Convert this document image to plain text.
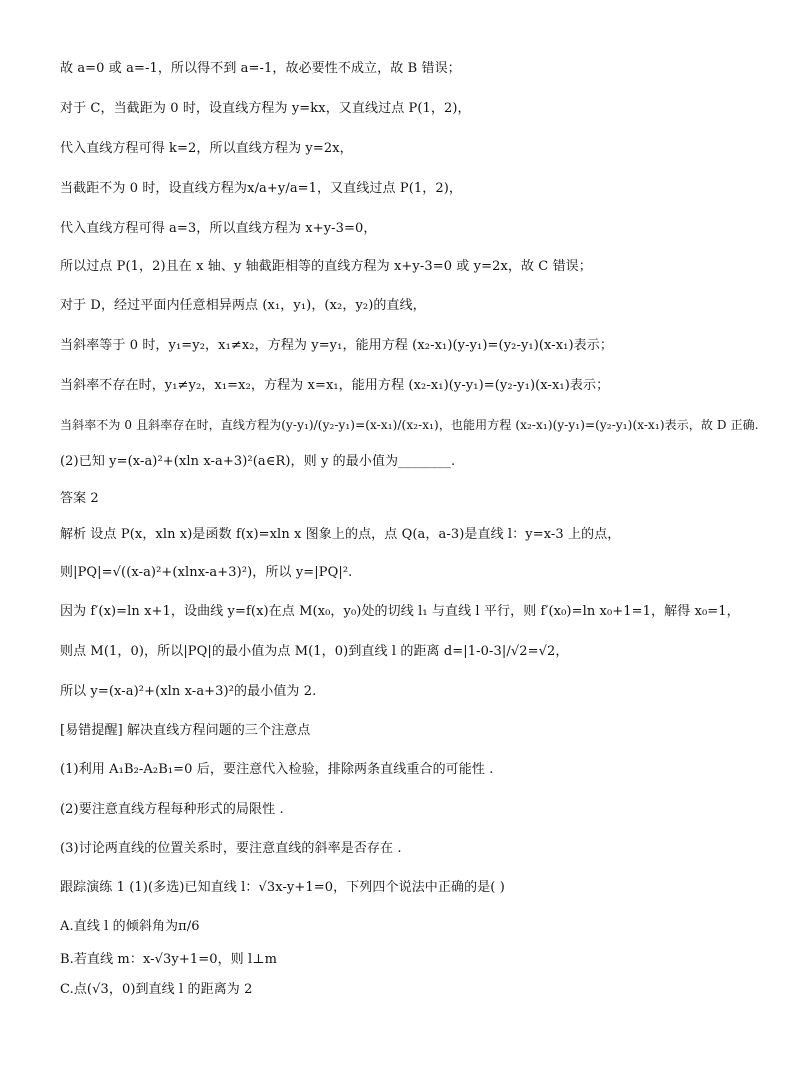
故 a=0 或 a=-1，所以得不到 a=-1，故必要性不成立，故 B 错误；
对于 C，当截距为 0 时，设直线方程为 y=kx，又直线过点 P(1，2)，
代入直线方程可得 k=2，所以直线方程为 y=2x，
当截距不为 0 时，设直线方程为x/a+y/a=1，又直线过点 P(1，2)，
代入直线方程可得 a=3，所以直线方程为 x+y-3=0，
所以过点 P(1，2)且在 x 轴、y 轴截距相等的直线方程为 x+y-3=0 或 y=2x，故 C 错误；
对于 D，经过平面内任意相异两点 (x₁，y₁)，(x₂，y₂)的直线，
当斜率等于 0 时，y₁=y₂，x₁≠x₂，方程为 y=y₁，能用方程 (x₂-x₁)(y-y₁)=(y₂-y₁)(x-x₁)表示；
当斜率不存在时，y₁≠y₂，x₁=x₂，方程为 x=x₁，能用方程 (x₂-x₁)(y-y₁)=(y₂-y₁)(x-x₁)表示；
当斜率不为 0 且斜率存在时，直线方程为(y-y₁)/(y₂-y₁)=(x-x₁)/(x₂-x₁)，也能用方程 (x₂-x₁)(y-y₁)=(y₂-y₁)(x-x₁)表示，故 D 正确.
(2)已知 y=(x-a)²+(xln x-a+3)²(a∈R)，则 y 的最小值为________.
答案 2
解析 设点 P(x，xln x)是函数 f(x)=xln x 图象上的点，点 Q(a，a-3)是直线 l：y=x-3 上的点，
则|PQ|=√((x-a)²+(xlnx-a+3)²)，所以 y=|PQ|².
因为 f′(x)=ln x+1，设曲线 y=f(x)在点 M(x₀，y₀)处的切线 l₁ 与直线 l 平行，则 f′(x₀)=ln x₀+1=1，解得 x₀=1，
则点 M(1，0)，所以|PQ|的最小值为点 M(1，0)到直线 l 的距离 d=|1-0-3|/√2=√2，
所以 y=(x-a)²+(xln x-a+3)²的最小值为 2.
[易错提醒] 解决直线方程问题的三个注意点
(1)利用 A₁B₂-A₂B₁=0 后，要注意代入检验，排除两条直线重合的可能性 .
(2)要注意直线方程每种形式的局限性 .
(3)讨论两直线的位置关系时，要注意直线的斜率是否存在 .
跟踪演练 1 (1)(多选)已知直线 l：√3x-y+1=0，下列四个说法中正确的是( )
A.直线 l 的倾斜角为π/6
B.若直线 m：x-√3y+1=0，则 l⊥m
C.点(√3，0)到直线 l 的距离为 2
